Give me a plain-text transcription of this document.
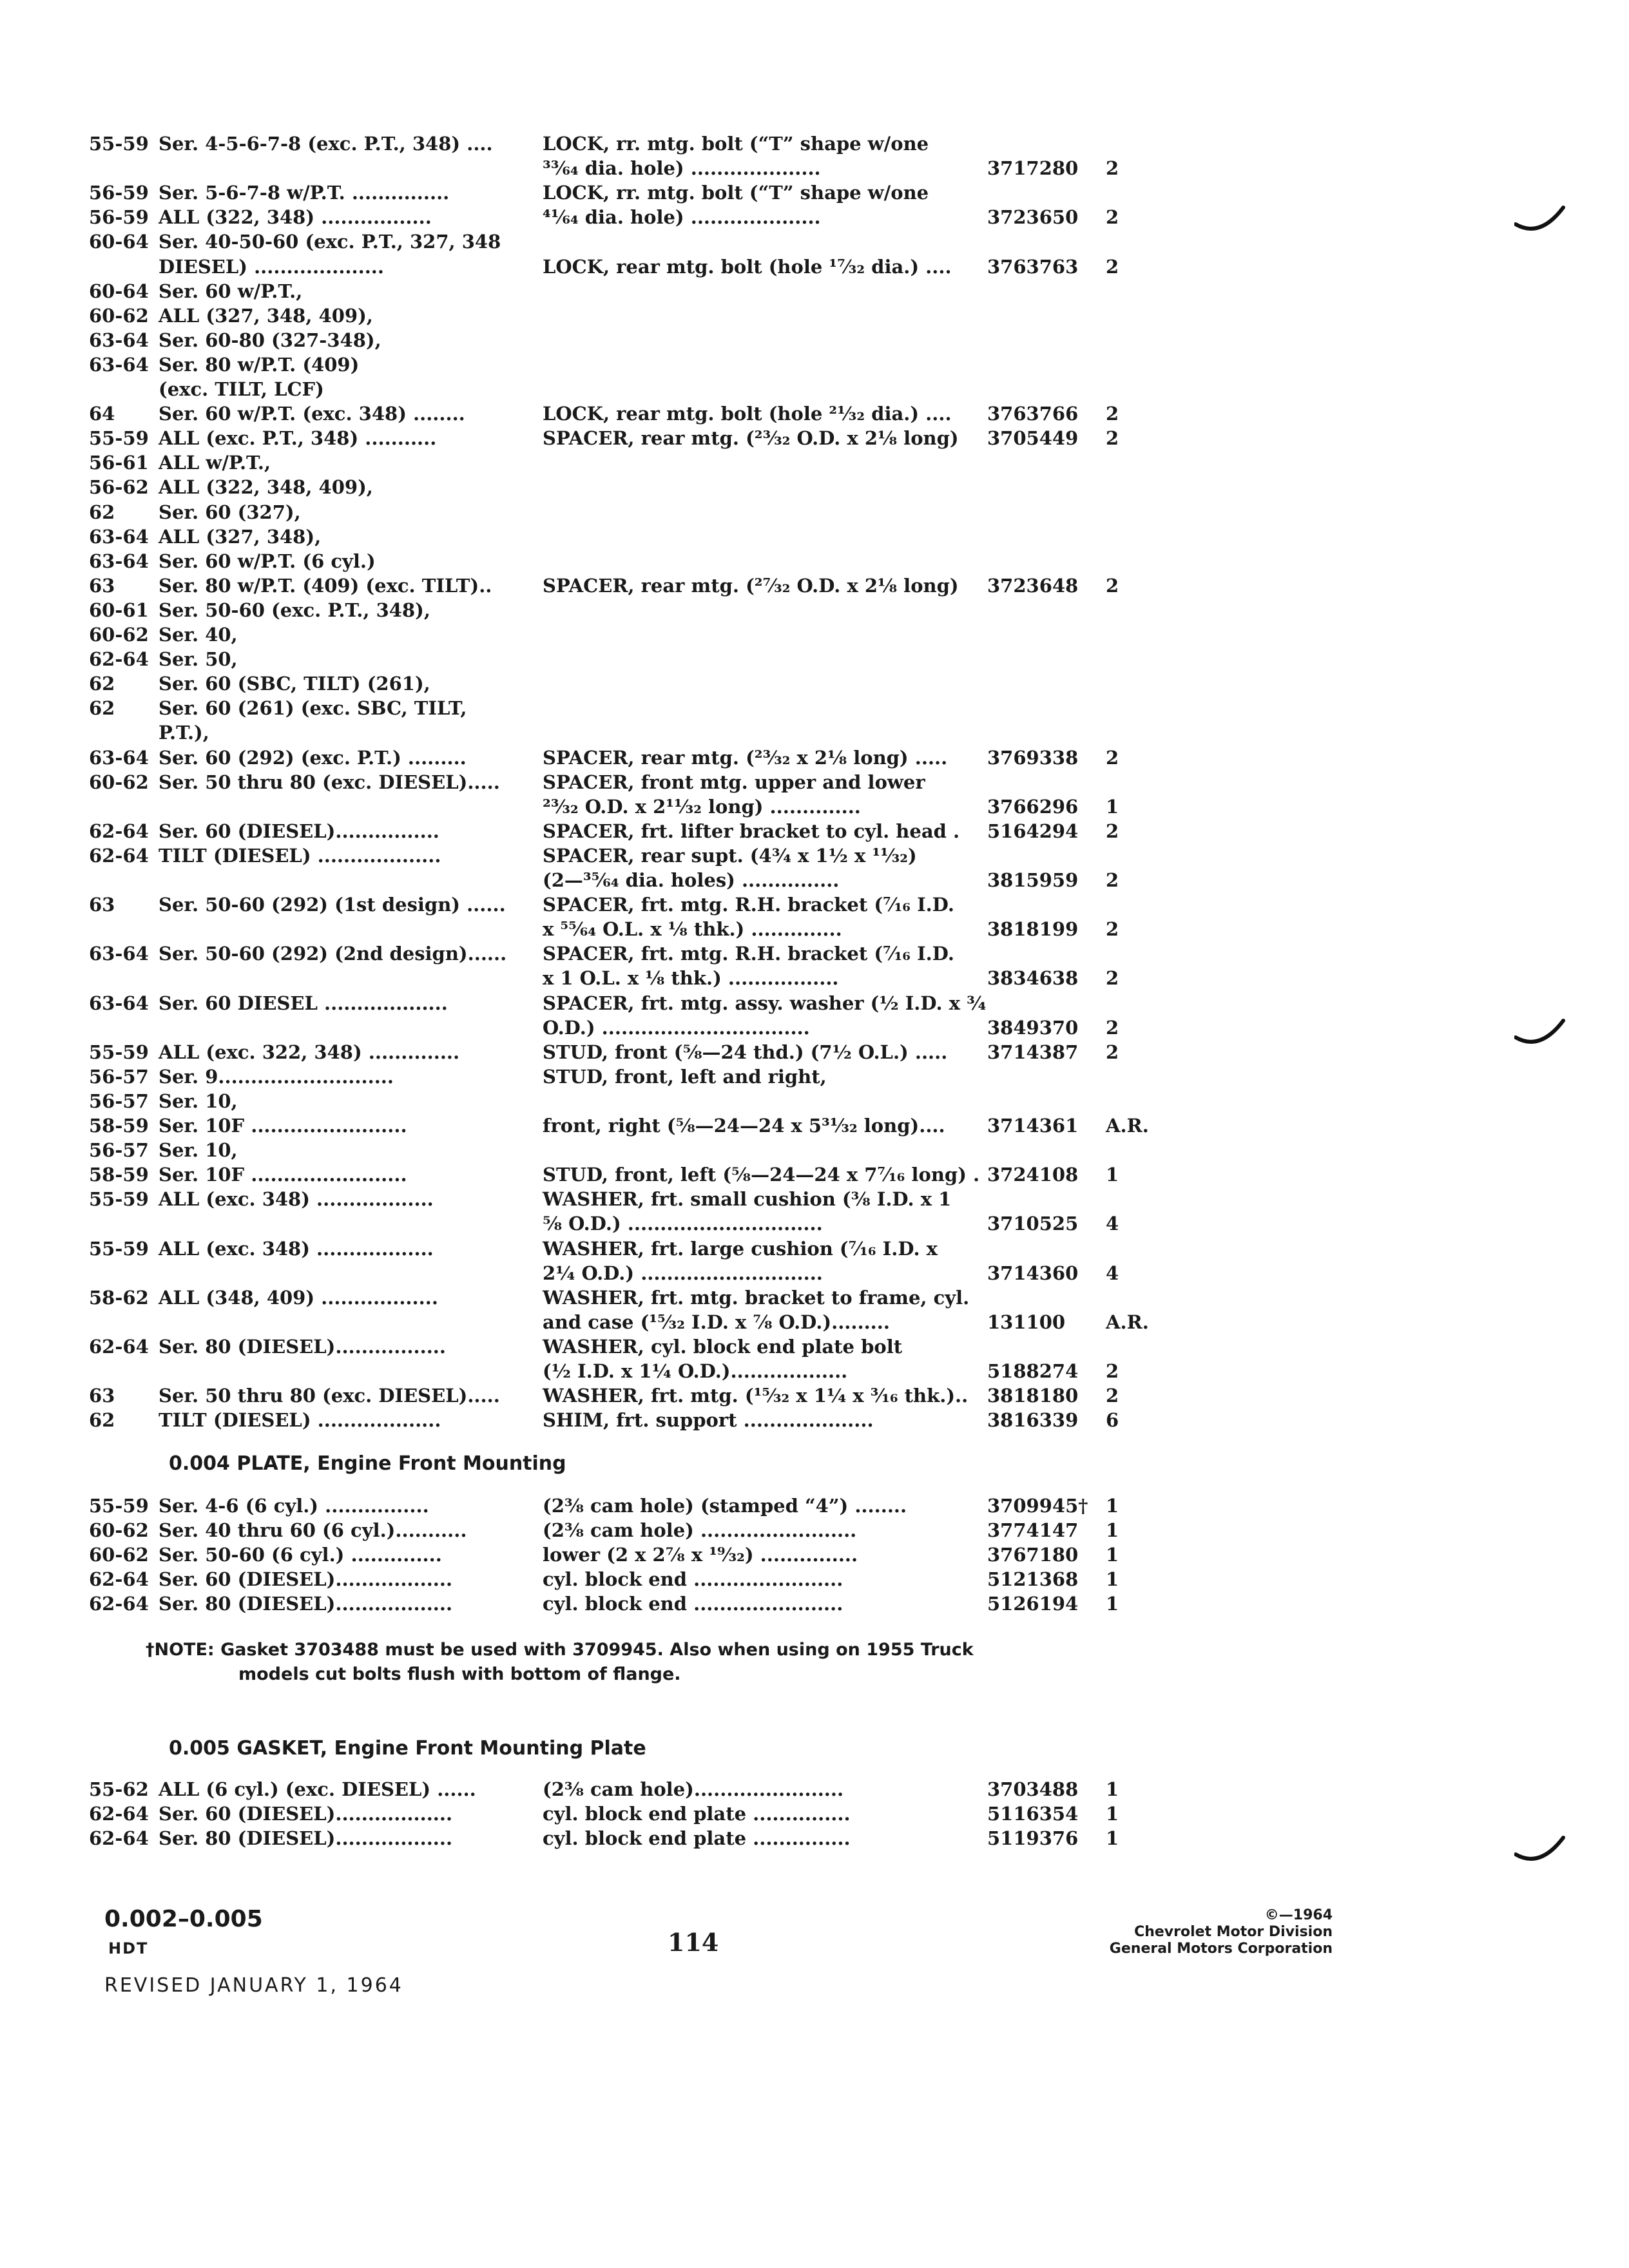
55-59 Ser. 4-5-6-7-8 (exc. P.T., 348) ....	LOCK, rr. mtg. bolt (“T” shape w/one
³³⁄₆₄ dia. hole) ....................	3717280 2
56-59 Ser. 5-6-7-8 w/P.T. ...............	LOCK, rr. mtg. bolt (“T” shape w/one
56-59 ALL (322, 348) .................	⁴¹⁄₆₄ dia. hole) ....................	3723650 2
60-64 Ser. 40-50-60 (exc. P.T., 327, 348
DIESEL) ....................	LOCK, rear mtg. bolt (hole ¹⁷⁄₃₂ dia.) .... 3763763 2
60-64 Ser. 60 w/P.T.,
60-62 ALL (327, 348, 409),
63-64 Ser. 60-80 (327-348),
63-64 Ser. 80 w/P.T. (409)
(exc. TILT, LCF)
64 Ser. 60 w/P.T. (exc. 348) ........	LOCK, rear mtg. bolt (hole ²¹⁄₃₂ dia.) .... 3763766 2
55-59 ALL (exc. P.T., 348) ...........	SPACER, rear mtg. (²³⁄₃₂ O.D. x 2⅛ long) 3705449 2
56-61 ALL w/P.T.,
56-62 ALL (322, 348, 409),
62 Ser. 60 (327),
63-64 ALL (327, 348),
63-64 Ser. 60 w/P.T. (6 cyl.)
63 Ser. 80 w/P.T. (409) (exc. TILT)..	SPACER, rear mtg. (²⁷⁄₃₂ O.D. x 2⅛ long) 3723648 2
60-61 Ser. 50-60 (exc. P.T., 348),
60-62 Ser. 40,
62-64 Ser. 50,
62 Ser. 60 (SBC, TILT) (261),
62 Ser. 60 (261) (exc. SBC, TILT,
P.T.),
63-64 Ser. 60 (292) (exc. P.T.) .........	SPACER, rear mtg. (²³⁄₃₂ x 2⅛ long) ..... 3769338 2
60-62 Ser. 50 thru 80 (exc. DIESEL)..... SPACER, front mtg. upper and lower
²³⁄₃₂ O.D. x 2¹¹⁄₃₂ long) ..............	3766296 1
62-64 Ser. 60 (DIESEL)................	SPACER, frt. lifter bracket to cyl. head . 5164294 2
62-64 TILT (DIESEL) ...................	SPACER, rear supt. (4¾ x 1½ x ¹¹⁄₃₂)
(2—³⁵⁄₆₄ dia. holes) ...............	3815959 2
63 Ser. 50-60 (292) (1st design) ...... SPACER, frt. mtg. R.H. bracket (⁷⁄₁₆ I.D.
x ⁵⁵⁄₆₄ O.L. x ⅛ thk.) ..............	3818199 2
63-64 Ser. 50-60 (292) (2nd design)...... SPACER, frt. mtg. R.H. bracket (⁷⁄₁₆ I.D.
x 1 O.L. x ⅛ thk.) .................	3834638 2
63-64 Ser. 60 DIESEL ...................	SPACER, frt. mtg. assy. washer (½ I.D. x ¾
O.D.) ................................	3849370 2
55-59 ALL (exc. 322, 348) ..............	STUD, front (⅝—24 thd.) (7½ O.L.) ..... 3714387 2
56-57 Ser. 9...........................	STUD, front, left and right,
56-57 Ser. 10,
58-59 Ser. 10F ........................	front, right (⅝—24—24 x 5³¹⁄₃₂ long).... 3714361 A.R.
56-57 Ser. 10,
58-59 Ser. 10F ........................	STUD, front, left (⅝—24—24 x 7⁷⁄₁₆ long) . 3724108 1
55-59 ALL (exc. 348) ..................	WASHER, frt. small cushion (⅜ I.D. x 1
⅝ O.D.) ..............................	3710525 4
55-59 ALL (exc. 348) ..................	WASHER, frt. large cushion (⁷⁄₁₆ I.D. x
2¼ O.D.) ............................	3714360 4
58-62 ALL (348, 409) ..................	WASHER, frt. mtg. bracket to frame, cyl.
and case (¹⁵⁄₃₂ I.D. x ⅞ O.D.).........	131100 A.R.
62-64 Ser. 80 (DIESEL).................	WASHER, cyl. block end plate bolt
(½ I.D. x 1¼ O.D.)..................	5188274 2
63 Ser. 50 thru 80 (exc. DIESEL)..... WASHER, frt. mtg. (¹⁵⁄₃₂ x 1¼ x ³⁄₁₆ thk.).. 3818180 2
62 TILT (DIESEL) ...................	SHIM, frt. support ....................	3816339 6
0.004 PLATE, Engine Front Mounting
55-59 Ser. 4-6 (6 cyl.) ................	(2⅜ cam hole) (stamped “4”) ........	3709945† 1
60-62 Ser. 40 thru 60 (6 cyl.)...........	(2⅜ cam hole) ........................	3774147 1
60-62 Ser. 50-60 (6 cyl.) ..............	lower (2 x 2⅞ x ¹⁹⁄₃₂) ...............	3767180 1
62-64 Ser. 60 (DIESEL)..................	cyl. block end .......................	5121368 1
62-64 Ser. 80 (DIESEL)..................	cyl. block end .......................	5126194 1
†NOTE: Gasket 3703488 must be used with 3709945. Also when using on 1955 Truck
models cut bolts flush with bottom of flange.
0.005 GASKET, Engine Front Mounting Plate
55-62 ALL (6 cyl.) (exc. DIESEL) ......	(2⅜ cam hole).......................	3703488 1
62-64 Ser. 60 (DIESEL)..................	cyl. block end plate ...............	5116354 1
62-64 Ser. 80 (DIESEL)..................	cyl. block end plate ...............	5119376 1
0.002–0.005
HDT
REVISED JANUARY 1, 1964
114
©—1964
Chevrolet Motor Division
General Motors Corporation
